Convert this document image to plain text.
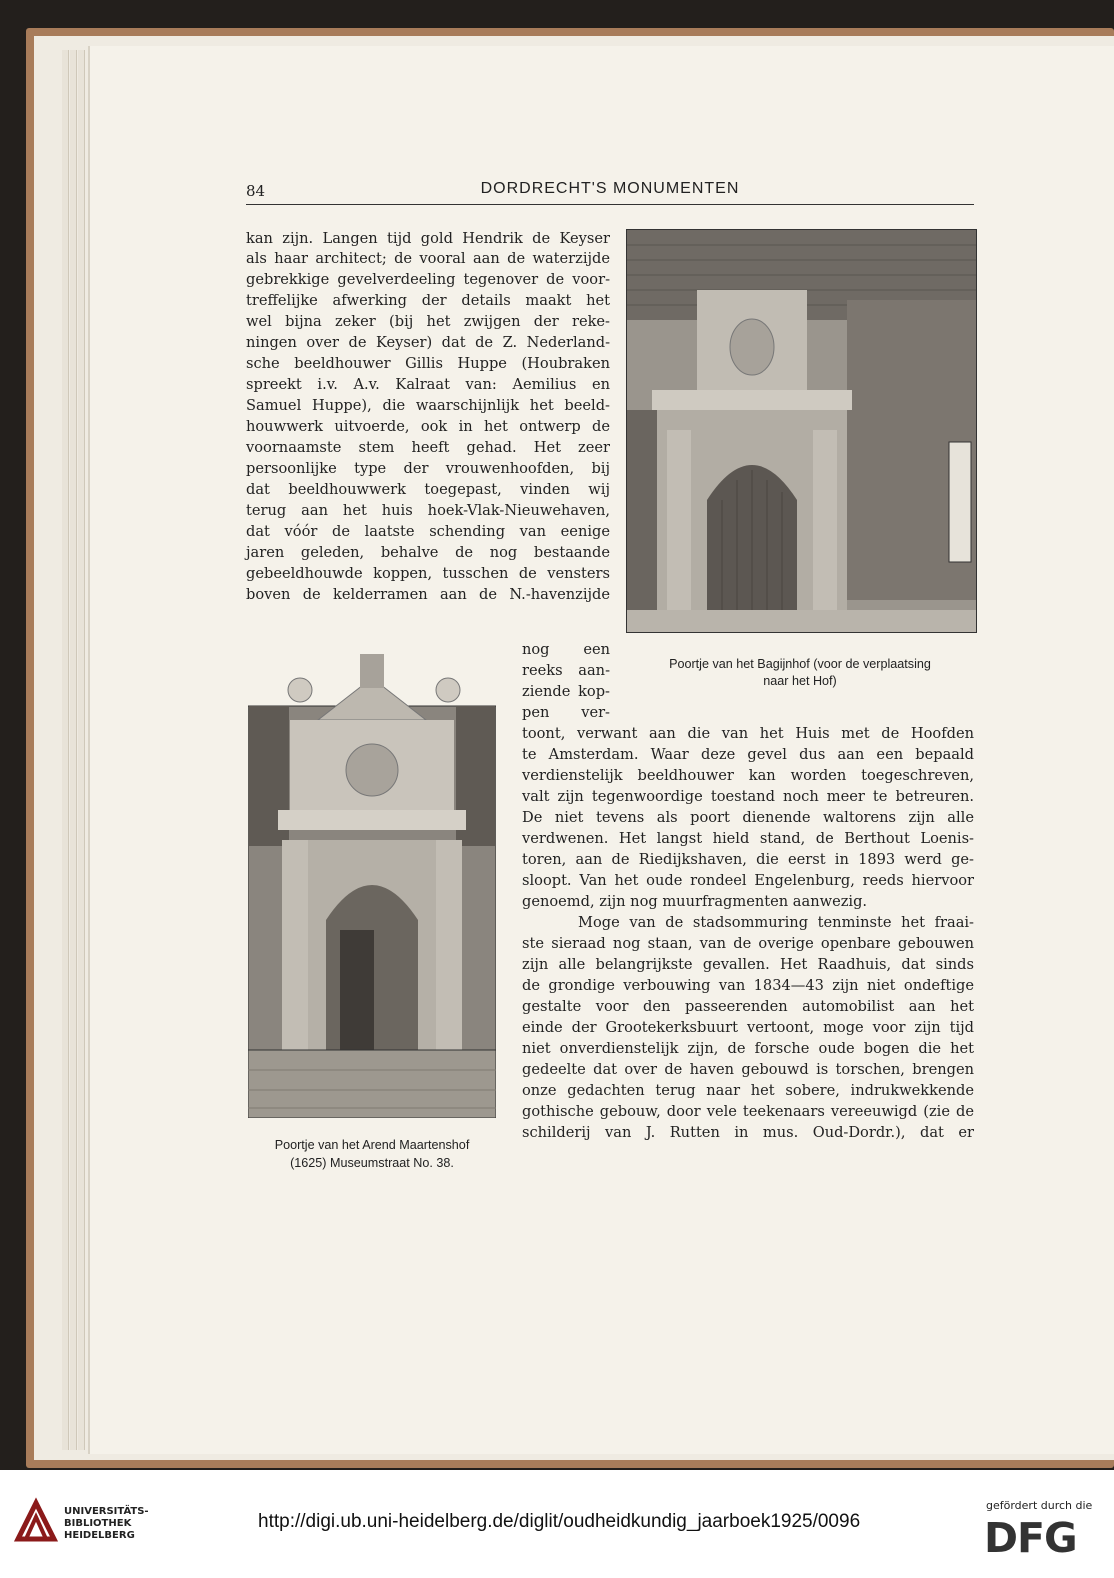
84	DORDRECHT'S MONUMENTEN
kan zijn. Langen tijd gold Hendrik de Keyser
als haar architect; de vooral aan de waterzijde
gebrekkige gevelverdeeling tegenover de voor-
treffelijke afwerking der details maakt het
wel bijna zeker (bij het zwijgen der reke-
ningen over de Keyser) dat de Z. Nederland-
sche beeldhouwer Gillis Huppe (Houbraken
spreekt i.v. A.v. Kalraat van: Aemilius en
Samuel Huppe), die waarschijnlijk het beeld-
houwwerk uitvoerde, ook in het ontwerp de
voornaamste stem heeft gehad. Het zeer
persoonlijke type der vrouwenhoofden, bij
dat beeldhouwwerk toegepast, vinden wij
terug aan het huis hoek-Vlak-Nieuwehaven,
dat vóór de laatste schending van eenige
jaren geleden, behalve de nog bestaande
gebeeldhouwde koppen, tusschen de vensters
boven de kelderramen aan de N.-havenzijde
nog een
reeks aan-
ziende kop-
pen ver-
toont, verwant aan die van het Huis met de Hoofden
te Amsterdam. Waar deze gevel dus aan een bepaald
verdienstelijk beeldhouwer kan worden toegeschreven,
valt zijn tegenwoordige toestand noch meer te betreuren.
De niet tevens als poort dienende waltorens zijn alle
verdwenen. Het langst hield stand, de Berthout Loenis-
toren, aan de Riedijkshaven, die eerst in 1893 werd ge-
sloopt. Van het oude rondeel Engelenburg, reeds hiervoor
genoemd, zijn nog muurfragmenten aanwezig.
Moge van de stadsommuring tenminste het fraai-
ste sieraad nog staan, van de overige openbare gebouwen
zijn alle belangrijkste gevallen. Het Raadhuis, dat sinds
de grondige verbouwing van 1834—43 zijn niet ondeftige
gestalte voor den passeerenden automobilist aan het
einde der Grootekerksbuurt vertoont, moge voor zijn tijd
niet onverdienstelijk zijn, de forsche oude bogen die het
gedeelte dat over de haven gebouwd is torschen, brengen
onze gedachten terug naar het sobere, indrukwekkende
gothische gebouw, door vele teekenaars vereeuwigd (zie de
schilderij van J. Rutten in mus. Oud-Dordr.), dat er
Poortje van het Bagijnhof (voor de verplaatsing
naar het Hof)
Poortje van het Arend Maartenshof
(1625) Museumstraat No. 38.
UNIVERSITÄTS-
BIBLIOTHEK
HEIDELBERG
http://digi.ub.uni-heidelberg.de/diglit/oudheidkundig_jaarboek1925/0096
gefördert durch die
DFG
